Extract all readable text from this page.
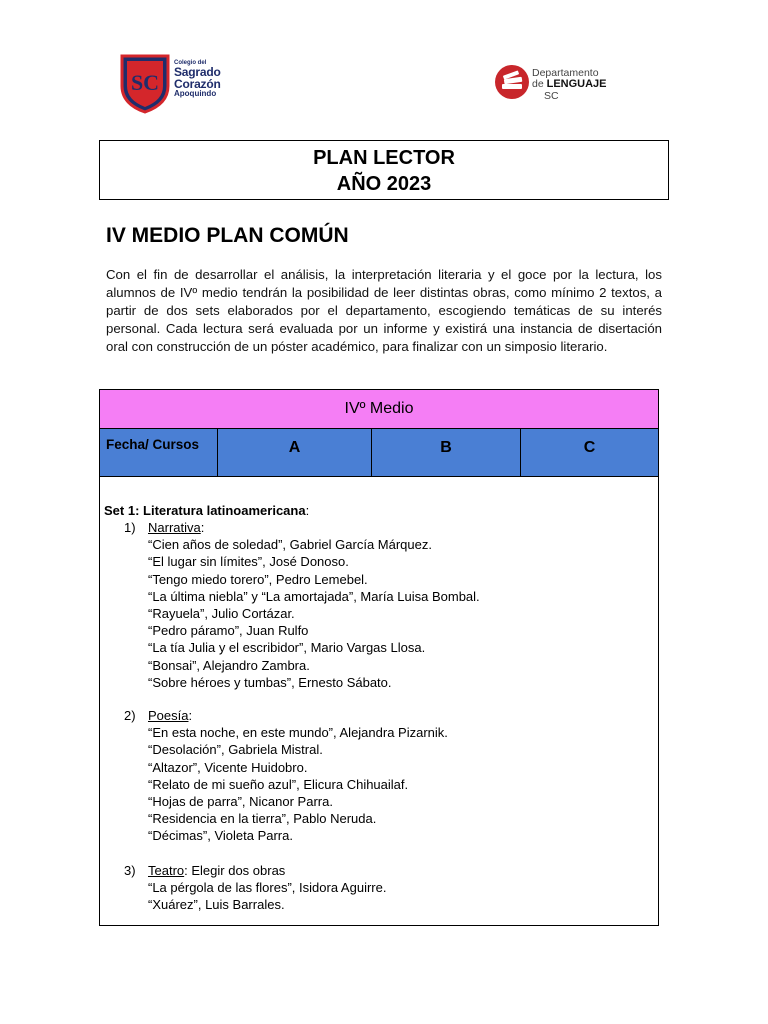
SC
Colegio del
Sagrado
Corazón
Apoquindo
Departamento
de LENGUAJE
SC
PLAN LECTOR
AÑO 2023
IV MEDIO PLAN COMÚN

Con el fin de desarrollar el análisis, la interpretación literaria y el goce por la lectura, los alumnos de IVº medio tendrán la posibilidad de leer distintas obras, como mínimo 2 textos, a partir de dos sets elaborados por el departamento, escogiendo temáticas de su interés personal. Cada lectura será evaluada por un informe y existirá una instancia de disertación oral con construcción de un póster académico, para finalizar con un simposio literario.

IVº Medio
Fecha/ Cursos	A	B	C
Set 1: Literatura latinoamericana:
1) Narrativa:
“Cien años de soledad”, Gabriel García Márquez.
“El lugar sin límites”, José Donoso.
“Tengo miedo torero”, Pedro Lemebel.
“La última niebla” y “La amortajada”, María Luisa Bombal.
“Rayuela”, Julio Cortázar.
“Pedro páramo”, Juan Rulfo
“La tía Julia y el escribidor”, Mario Vargas Llosa.
“Bonsai”, Alejandro Zambra.
“Sobre héroes y tumbas”, Ernesto Sábato.
2) Poesía:
“En esta noche, en este mundo”, Alejandra Pizarnik.
“Desolación”, Gabriela Mistral.
“Altazor”, Vicente Huidobro.
“Relato de mi sueño azul”, Elicura Chihuailaf.
“Hojas de parra”, Nicanor Parra.
“Residencia en la tierra”, Pablo Neruda.
“Décimas”, Violeta Parra.
3) Teatro: Elegir dos obras
“La pérgola de las flores”, Isidora Aguirre.
“Xuárez”, Luis Barrales.
